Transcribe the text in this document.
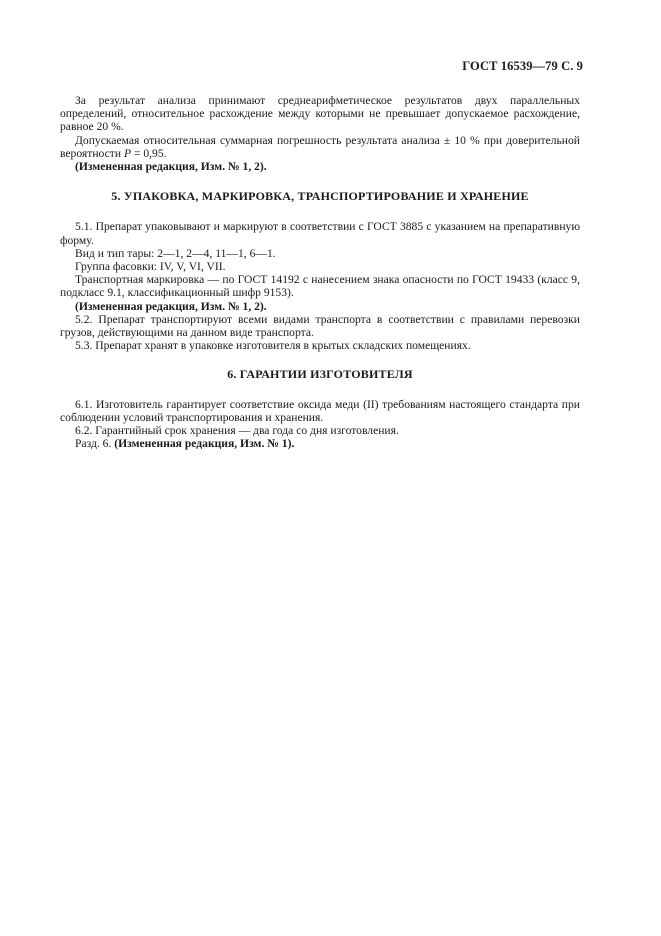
ГОСТ 16539—79 С. 9

За результат анализа принимают среднеарифметическое результатов двух параллельных определений, относительное расхождение между которыми не превышает допускаемое расхождение, равное 20 %.

Допускаемая относительная суммарная погрешность результата анализа ± 10 % при доверительной вероятности P = 0,95.

(Измененная редакция, Изм. № 1, 2).

5. УПАКОВКА, МАРКИРОВКА, ТРАНСПОРТИРОВАНИЕ И ХРАНЕНИЕ

5.1. Препарат упаковывают и маркируют в соответствии с ГОСТ 3885 с указанием на препаративную форму.

Вид и тип тары: 2—1, 2—4, 11—1, 6—1.

Группа фасовки: IV, V, VI, VII.

Транспортная маркировка — по ГОСТ 14192 с нанесением знака опасности по ГОСТ 19433 (класс 9, подкласс 9.1, классификационный шифр 9153).

(Измененная редакция, Изм. № 1, 2).

5.2. Препарат транспортируют всеми видами транспорта в соответствии с правилами перевозки грузов, действующими на данном виде транспорта.

5.3. Препарат хранят в упаковке изготовителя в крытых складских помещениях.

6. ГАРАНТИИ ИЗГОТОВИТЕЛЯ

6.1. Изготовитель гарантирует соответствие оксида меди (II) требованиям настоящего стандарта при соблюдении условий транспортирования и хранения.

6.2. Гарантийный срок хранения — два года со дня изготовления.

Разд. 6. (Измененная редакция, Изм. № 1).
